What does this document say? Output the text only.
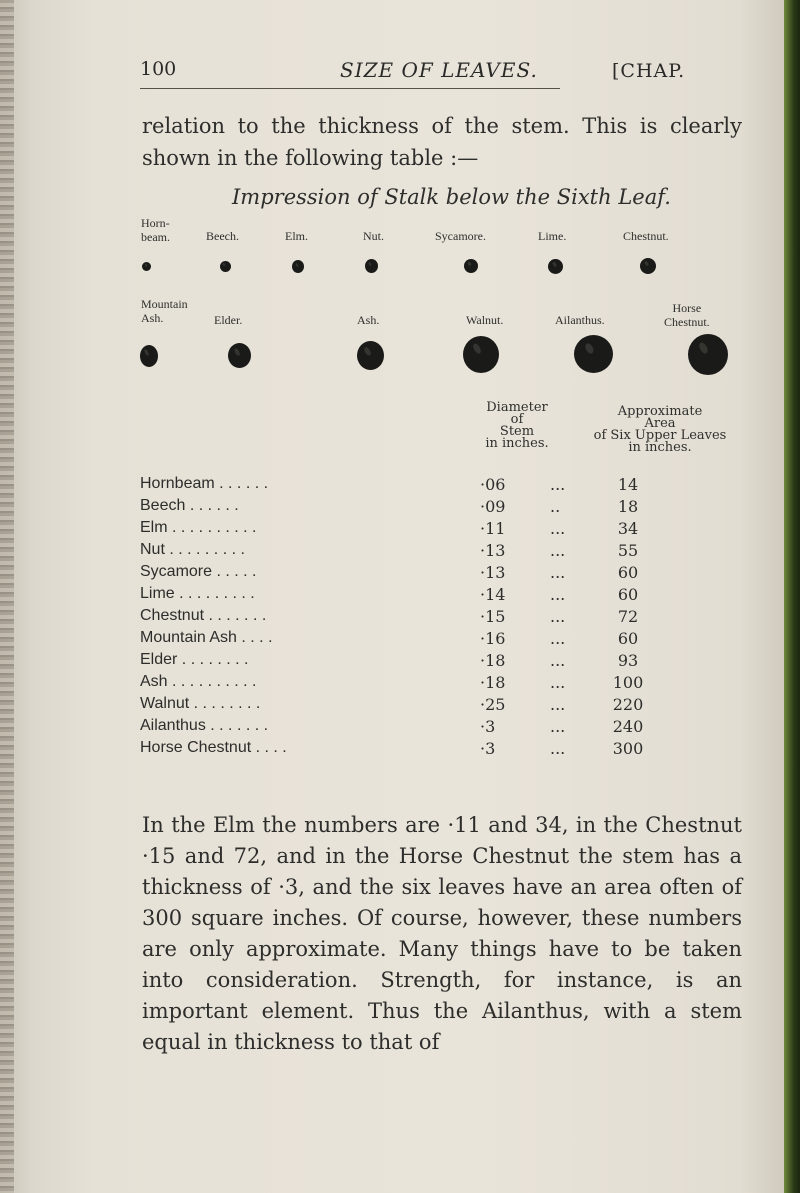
100	SIZE OF LEAVES.	[CHAP.
relation to the thickness of the stem. This is clearly shown in the following table :—
Impression of Stalk below the Sixth Leaf.
Horn-
beam.	Beech.	Elm.	Nut.	Sycamore.	Lime.	Chestnut.
Mountain
Ash.	Elder.	Ash.	Walnut.	Ailanthus.
Horse
Chestnut.
Diameter
of
Stem
in inches.
Approximate
Area
of Six Upper Leaves
in inches.
Hornbeam . . . . . .	·06	...	14
Beech . . . . . .	·09	..	18
Elm . . . . . . . . . .	·11	...	34
Nut . . . . . . . . .	·13	...	55
Sycamore . . . . .	·13	...	60
Lime . . . . . . . . .	·14	...	60
Chestnut . . . . . . .	·15	...	72
Mountain Ash . . . .	·16	...	60
Elder . . . . . . . .	·18	...	93
Ash . . . . . . . . . .	·18	...	100
Walnut . . . . . . . .	·25	...	220
Ailanthus . . . . . . .	·3	...	240
Horse Chestnut . . . .	·3	...	300
In the Elm the numbers are ·11 and 34, in the Chestnut ·15 and 72, and in the Horse Chestnut the stem has a thickness of ·3, and the six leaves have an area often of 300 square inches. Of course, however, these numbers are only approximate. Many things have to be taken into consideration. Strength, for instance, is an important element. Thus the Ailanthus, with a stem equal in thickness to that of
